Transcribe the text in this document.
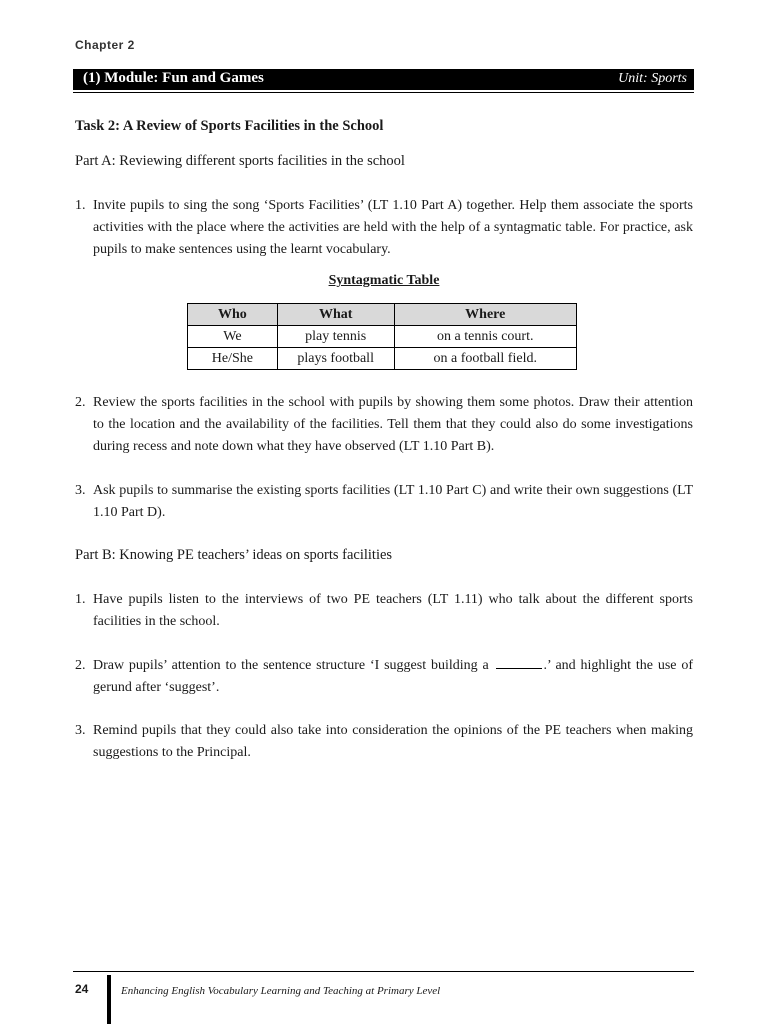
Chapter 2
(1) Module: Fun and Games	Unit: Sports
Task 2: A Review of Sports Facilities in the School
Part A: Reviewing different sports facilities in the school
1. Invite pupils to sing the song ‘Sports Facilities’ (LT 1.10 Part A) together. Help them associate the sports activities with the place where the activities are held with the help of a syntagmatic table. For practice, ask pupils to make sentences using the learnt vocabulary.
Syntagmatic Table
Who	What	Where
We	play tennis	on a tennis court.
He/She	plays football	on a football field.
2. Review the sports facilities in the school with pupils by showing them some photos. Draw their attention to the location and the availability of the facilities. Tell them that they could also do some investigations during recess and note down what they have observed (LT 1.10 Part B).
3. Ask pupils to summarise the existing sports facilities (LT 1.10 Part C) and write their own suggestions (LT 1.10 Part D).
Part B: Knowing PE teachers’ ideas on sports facilities
1. Have pupils listen to the interviews of two PE teachers (LT 1.11) who talk about the different sports facilities in the school.
2. Draw pupils’ attention to the sentence structure ‘I suggest building a	.’ and highlight the use of gerund after ‘suggest’.
3. Remind pupils that they could also take into consideration the opinions of the PE teachers when making suggestions to the Principal.
24	Enhancing English Vocabulary Learning and Teaching at Primary Level
